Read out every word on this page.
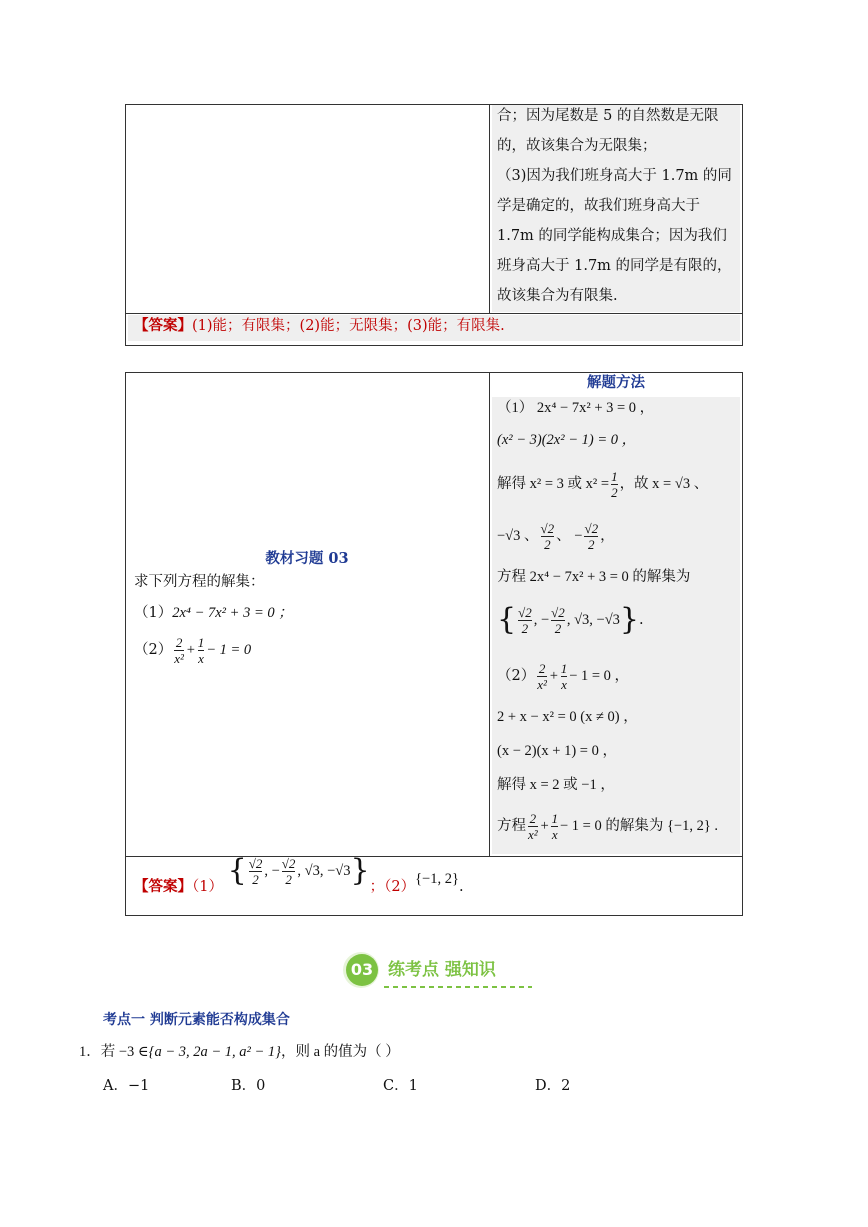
合；因为尾数是 5 的自然数是无限
的，故该集合为无限集；
（3)因为我们班身高大于 1.7m 的同
学是确定的，故我们班身高大于
1.7m 的同学能构成集合；因为我们
班身高大于 1.7m 的同学是有限的，
故该集合为有限集.
【答案】(1)能；有限集；(2)能；无限集；(3)能；有限集.
教材习题 03
求下列方程的解集：
（1）2x⁴ − 7x² + 3 = 0 ；
$(2) \frac{2}{\text{x²}} + \frac{1}{x} - 1 = 0$
解题方法
（1） 2x⁴ − 7x² + 3 = 0 ，
(x² − 3)(2x² − 1) = 0 ，
解得 x² = 3 或 $x^2 = \frac{1}{2}$ ，故 x = √3 、
−√3 、 $\frac{√2}{2}$ 、 − $\frac{√2}{2}$ ，
方程 2x⁴ − 7x² + 3 = 0 的解集为
{ $\frac{√2}{2}$ , − $\frac{√2}{2}$ , √3, −√3}.
$(2) \frac{2}{\text{x²}} + \frac{1}{x} - 1 = 0$ ，
2 + x − x² = 0 (x ≠ 0) ，
(x − 2)(x + 1) = 0 ，
解得 x = 2 或 −1 ，
方程 $\frac{2}{\text{x²}} + \frac{1}{x} - 1 = 0$ 的解集为 {−1, 2} .
【答案】（1） { $\frac{√2}{2}$ , − $\frac{√2}{2}$ , √3, −√3}；（2）{−1, 2}.
03 练考点 强知识
考点一 判断元素能否构成集合
1．若 −3 ∈{a − 3, 2a − 1, a² − 1}，则 a 的值为（ ）
A．−1	B．0	C．1	D．2
